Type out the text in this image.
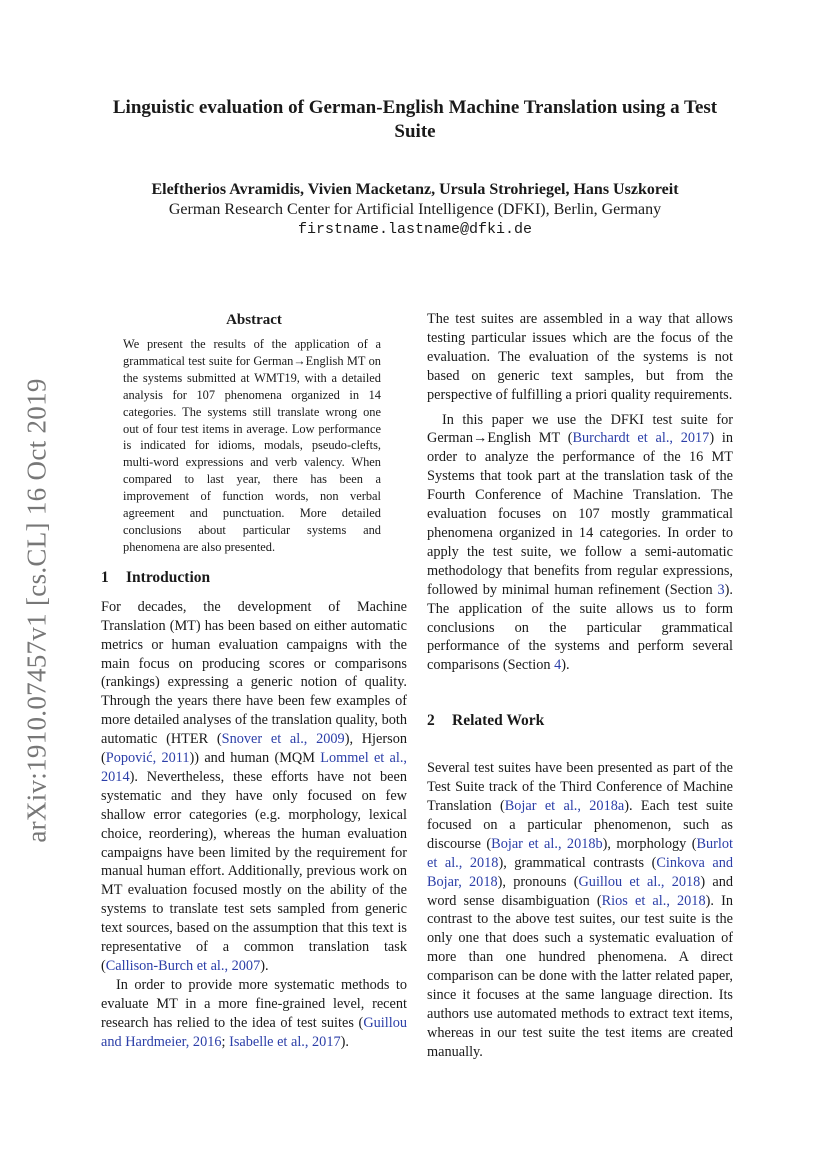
arXiv:1910.07457v1 [cs.CL] 16 Oct 2019
Linguistic evaluation of German-English Machine Translation using a Test Suite
Eleftherios Avramidis, Vivien Macketanz, Ursula Strohriegel, Hans Uszkoreit
German Research Center for Artificial Intelligence (DFKI), Berlin, Germany
firstname.lastname@dfki.de
Abstract

We present the results of the application of a grammatical test suite for German→English MT on the systems submitted at WMT19, with a detailed analysis for 107 phenomena organized in 14 categories. The systems still translate wrong one out of four test items in average. Low performance is indicated for idioms, modals, pseudo-clefts, multi-word expressions and verb valency. When compared to last year, there has been a improvement of function words, non verbal agreement and punctuation. More detailed conclusions about particular systems and phenomena are also presented.

1 Introduction

For decades, the development of Machine Translation (MT) has been based on either automatic metrics or human evaluation campaigns with the main focus on producing scores or comparisons (rankings) expressing a generic notion of quality. Through the years there have been few examples of more detailed analyses of the translation quality, both automatic (HTER (Snover et al., 2009), Hjerson (Popović, 2011)) and human (MQM Lommel et al., 2014). Nevertheless, these efforts have not been systematic and they have only focused on few shallow error categories (e.g. morphology, lexical choice, reordering), whereas the human evaluation campaigns have been limited by the requirement for manual human effort. Additionally, previous work on MT evaluation focused mostly on the ability of the systems to translate test sets sampled from generic text sources, based on the assumption that this text is representative of a common translation task (Callison-Burch et al., 2007).

In order to provide more systematic methods to evaluate MT in a more fine-grained level, recent research has relied to the idea of test suites (Guillou and Hardmeier, 2016; Isabelle et al., 2017).

The test suites are assembled in a way that allows testing particular issues which are the focus of the evaluation. The evaluation of the systems is not based on generic text samples, but from the perspective of fulfilling a priori quality requirements.

In this paper we use the DFKI test suite for German→English MT (Burchardt et al., 2017) in order to analyze the performance of the 16 MT Systems that took part at the translation task of the Fourth Conference of Machine Translation. The evaluation focuses on 107 mostly grammatical phenomena organized in 14 categories. In order to apply the test suite, we follow a semi-automatic methodology that benefits from regular expressions, followed by minimal human refinement (Section 3). The application of the suite allows us to form conclusions on the particular grammatical performance of the systems and perform several comparisons (Section 4).

2 Related Work

Several test suites have been presented as part of the Test Suite track of the Third Conference of Machine Translation (Bojar et al., 2018a). Each test suite focused on a particular phenomenon, such as discourse (Bojar et al., 2018b), morphology (Burlot et al., 2018), grammatical contrasts (Cinkova and Bojar, 2018), pronouns (Guillou et al., 2018) and word sense disambiguation (Rios et al., 2018). In contrast to the above test suites, our test suite is the only one that does such a systematic evaluation of more than one hundred phenomena. A direct comparison can be done with the latter related paper, since it focuses at the same language direction. Its authors use automated methods to extract text items, whereas in our test suite the test items are created manually.
